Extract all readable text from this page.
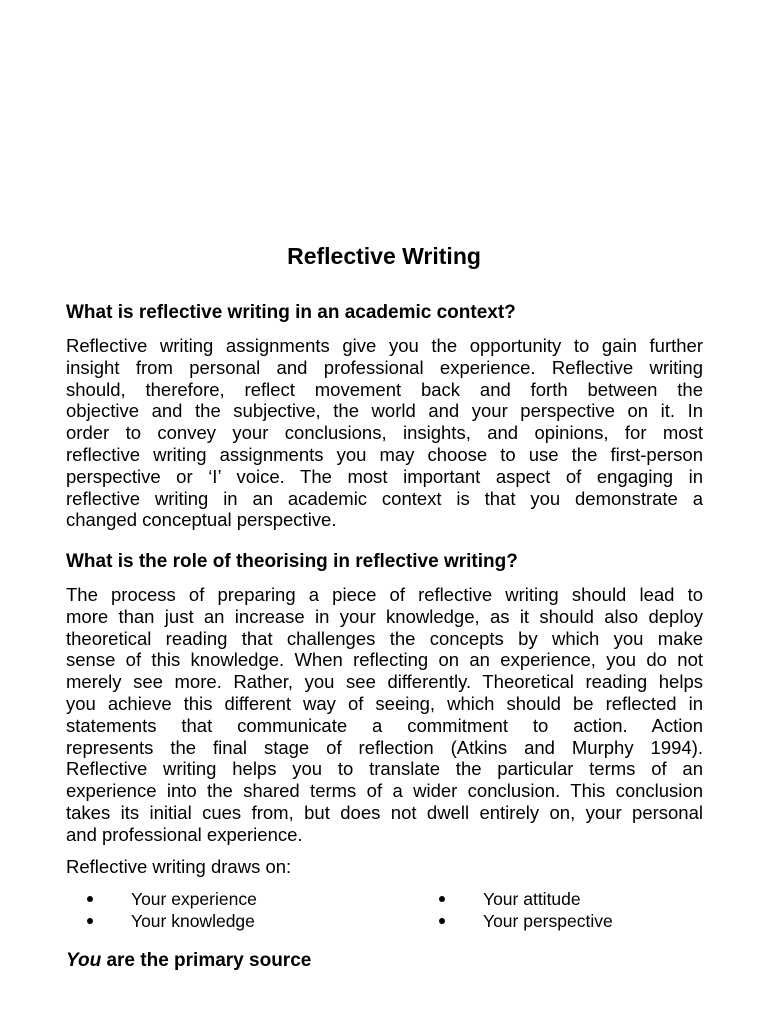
Reflective Writing
What is reflective writing in an academic context?
Reflective writing assignments give you the opportunity to gain further
insight from personal and professional experience. Reflective writing
should, therefore, reflect movement back and forth between the
objective and the subjective, the world and your perspective on it. In
order to convey your conclusions, insights, and opinions, for most
reflective writing assignments you may choose to use the first-person
perspective or ‘I’ voice. The most important aspect of engaging in
reflective writing in an academic context is that you demonstrate a
changed conceptual perspective.
What is the role of theorising in reflective writing?
The process of preparing a piece of reflective writing should lead to
more than just an increase in your knowledge, as it should also deploy
theoretical reading that challenges the concepts by which you make
sense of this knowledge. When reflecting on an experience, you do not
merely see more. Rather, you see differently. Theoretical reading helps
you achieve this different way of seeing, which should be reflected in
statements that communicate a commitment to action. Action
represents the final stage of reflection (Atkins and Murphy 1994).
Reflective writing helps you to translate the particular terms of an
experience into the shared terms of a wider conclusion. This conclusion
takes its initial cues from, but does not dwell entirely on, your personal
and professional experience.
Reflective writing draws on:
Your experience
Your knowledge
Your attitude
Your perspective
You are the primary source
